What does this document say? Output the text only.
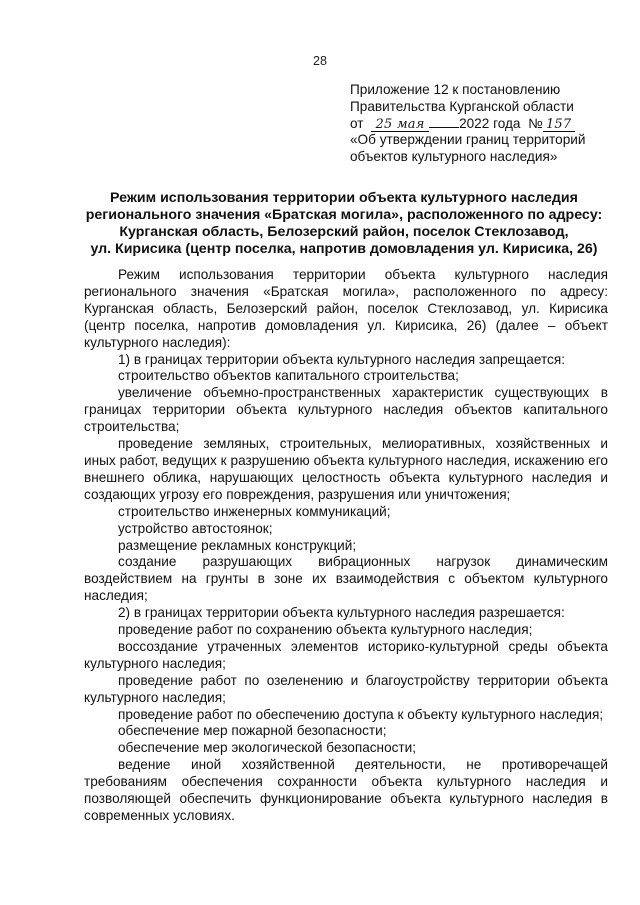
28
Приложение 12 к постановлению
Правительства Курганской области
от 25 мая	2022 года № 157
«Об утверждении границ территорий
объектов культурного наследия»
Режим использования территории объекта культурного наследия
регионального значения «Братская могила», расположенного по адресу:
Курганская область, Белозерский район, поселок Стеклозавод,
ул. Кирисика (центр поселка, напротив домовладения ул. Кирисика, 26)

Режим использования территории объекта культурного наследия регионального значения «Братская могила», расположенного по адресу: Курганская область, Белозерский район, поселок Стеклозавод, ул. Кирисика (центр поселка, напротив домовладения ул. Кирисика, 26) (далее – объект культурного наследия):

1) в границах территории объекта культурного наследия запрещается:

строительство объектов капитального строительства;

увеличение объемно-пространственных характеристик существующих в границах территории объекта культурного наследия объектов капитального строительства;

проведение земляных, строительных, мелиоративных, хозяйственных и иных работ, ведущих к разрушению объекта культурного наследия, искажению его внешнего облика, нарушающих целостность объекта культурного наследия и создающих угрозу его повреждения, разрушения или уничтожения;

строительство инженерных коммуникаций;

устройство автостоянок;

размещение рекламных конструкций;

создание разрушающих вибрационных нагрузок динамическим воздействием на грунты в зоне их взаимодействия с объектом культурного наследия;

2) в границах территории объекта культурного наследия разрешается:

проведение работ по сохранению объекта культурного наследия;

воссоздание утраченных элементов историко-культурной среды объекта культурного наследия;

проведение работ по озеленению и благоустройству территории объекта культурного наследия;

проведение работ по обеспечению доступа к объекту культурного наследия;

обеспечение мер пожарной безопасности;

обеспечение мер экологической безопасности;

ведение иной хозяйственной деятельности, не противоречащей требованиям обеспечения сохранности объекта культурного наследия и позволяющей обеспечить функционирование объекта культурного наследия в современных условиях.
